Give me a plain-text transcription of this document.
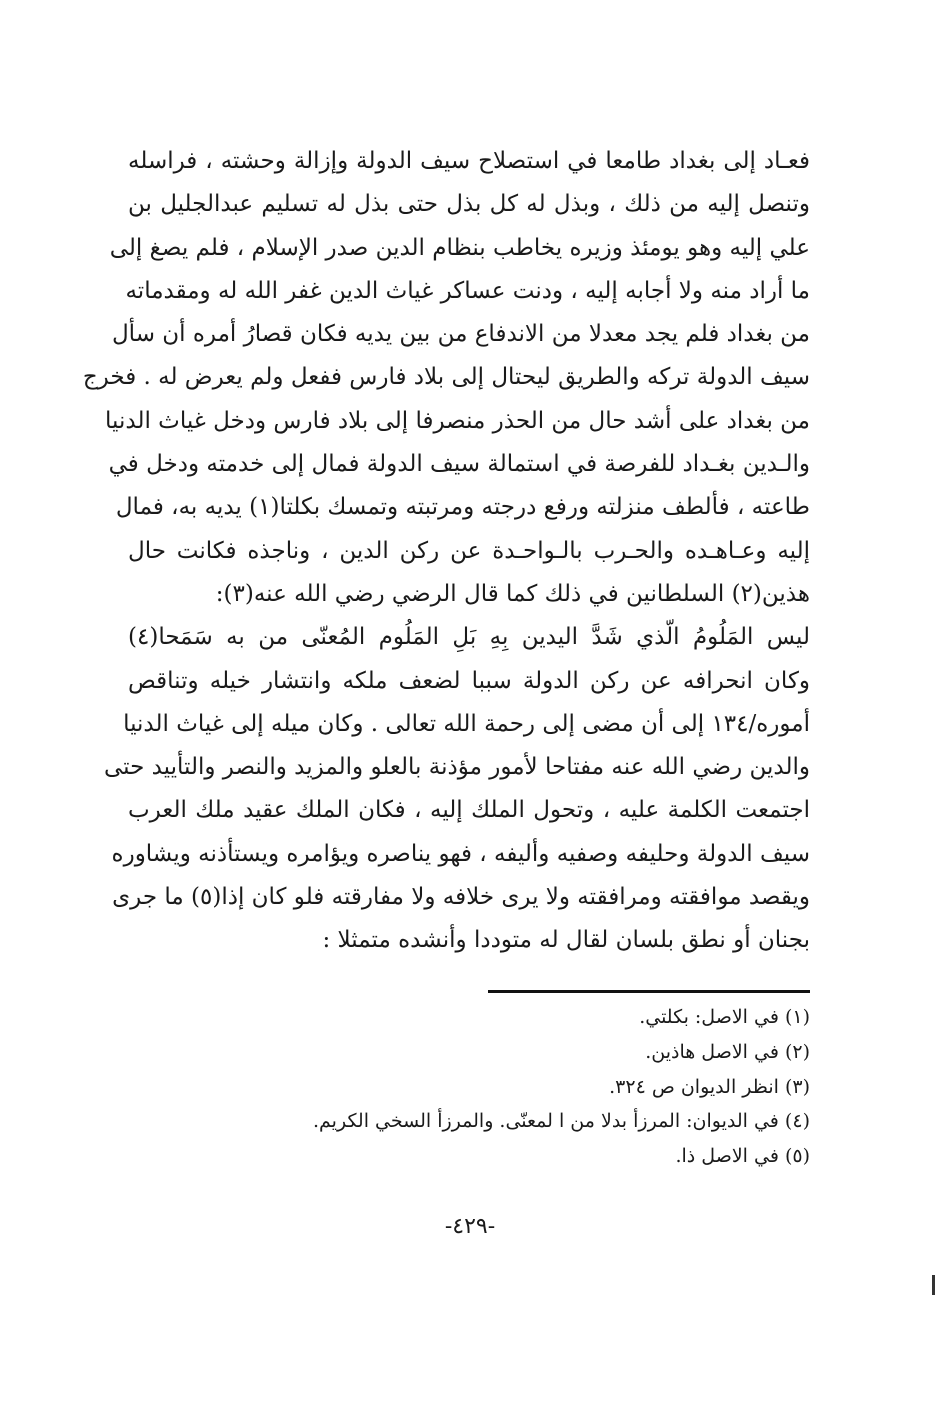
فعـاد إلى بغداد طامعا في استصلاح سيف الدولة وإزالة وحشته ، فراسله
وتنصل إليه من ذلك ، وبذل له كل بذل حتى بذل له تسليم عبدالجليل بن
علي إليه وهو يومئذ وزيره يخاطب بنظام الدين صدر الإسلام ، فلم يصغ إلى
ما أراد منه ولا أجابه إليه ، ودنت عساكر غياث الدين غفر الله له ومقدماته
من بغداد فلم يجد معدلا من الاندفاع من بين يديه فكان قصارُ أمره أن سأل
سيف الدولة تركه والطريق ليحتال إلى بلاد فارس ففعل ولم يعرض له . فخرج
من بغداد على أشد حال من الحذر منصرفا إلى بلاد فارس ودخل غياث الدنيا
والـدين بغـداد للفرصة في استمالة سيف الدولة فمال إلى خدمته ودخل في
طاعته ، فألطف منزلته ورفع درجته ومرتبته وتمسك بكلتا(١) يديه به، فمال
إليه وعـاهـده والحـرب بالـواحـدة عن ركن الدين ، وناجذه فكانت حال
هذين(٢) السلطانين في ذلك كما قال الرضي رضي الله عنه(٣):
ليس المَلُومُ الّذي شَدَّ اليدين بِهِ بَلِ المَلُوم المُعنّى من به سَمَحا(٤)
وكان انحرافه عن ركن الدولة سببا لضعف ملكه وانتشار خيله وتناقص
أموره/١٣٤ إلى أن مضى إلى رحمة الله تعالى . وكان ميله إلى غياث الدنيا
والدين رضي الله عنه مفتاحا لأمور مؤذنة بالعلو والمزيد والنصر والتأييد حتى
اجتمعت الكلمة عليه ، وتحول الملك إليه ، فكان الملك عقيد ملك العرب
سيف الدولة وحليفه وصفيه وأليفه ، فهو يناصره ويؤامره ويستأذنه ويشاوره
ويقصد موافقته ومرافقته ولا يرى خلافه ولا مفارقته فلو كان إذا(٥) ما جرى
بجنان أو نطق بلسان لقال له متوددا وأنشده متمثلا :
(١) في الاصل: بكلتي.
(٢) في الاصل هاذين.
(٣) انظر الديوان ص ٣٢٤.
(٤) في الديوان: المرزأ بدلا من ا لمعنّى. والمرزأ السخي الكريم.
(٥) في الاصل ذا.
-٤٢٩-
